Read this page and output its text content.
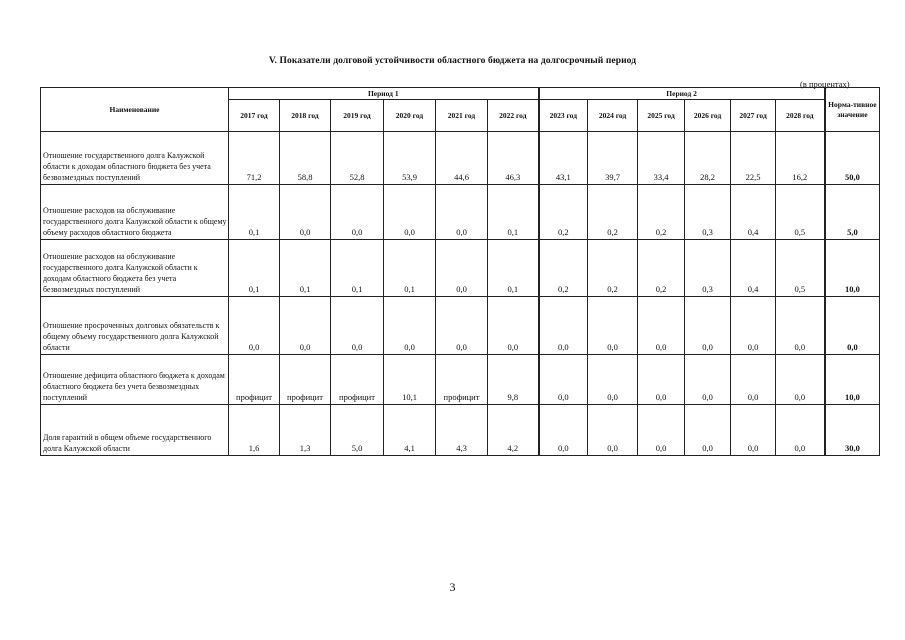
V. Показатели долговой устойчивости областного бюджета на долгосрочный период
(в процентах)
Наименование	Период 1						Период 2						Норма-тивное значение
	2017 год	2018 год	2019 год	2020 год	2021 год	2022 год	2023 год	2024 год	2025 год	2026 год	2027 год	2028 год	
Отношение государственного долга Калужской области к доходам областного бюджета без учета безвозмездных поступлений	71,2	58,8	52,8	53,9	44,6	46,3	43,1	39,7	33,4	28,2	22,5	16,2	50,0
Отношение расходов на обслуживание государственного долга Калужской области к общему объему расходов областного бюджета	0,1	0,0	0,0	0,0	0,0	0,1	0,2	0,2	0,2	0,3	0,4	0,5	5,0
Отношение расходов на обслуживание государственного долга Калужской области к доходам областного бюджета без учета безвозмездных поступлений	0,1	0,1	0,1	0,1	0,0	0,1	0,2	0,2	0,2	0,3	0,4	0,5	10,0
Отношение просроченных долговых обязательств к общему объему государственного долга Калужской области	0,0	0,0	0,0	0,0	0,0	0,0	0,0	0,0	0,0	0,0	0,0	0,0	0,0
Отношение дефицита областного бюджета к доходам областного бюджета без учета безвозмездных поступлений	профицит	профицит	профицит	10,1	профицит	9,8	0,0	0,0	0,0	0,0	0,0	0,0	10,0
Доля гарантий в общем объеме государственного долга Калужской области	1,6	1,3	5,0	4,1	4,3	4,2	0,0	0,0	0,0	0,0	0,0	0,0	30,0
3
